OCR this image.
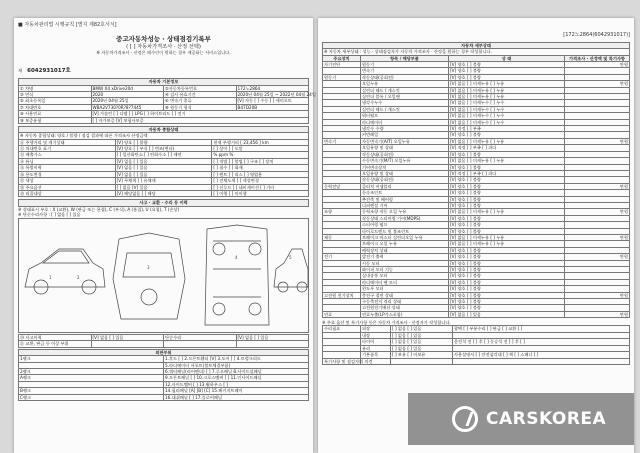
■ 자동차관리법 시행규칙 [별지 제82호서식]
중고자동차성능 · 상태점검기록부
( [ ] 자동차가격조사 · 산정 선택)
※ 자동차가격조사 · 산정은 매수인이 원하는 경우 제공하는 서비스입니다.
제 6042931017호
자동차 기본정보			
① 차명	BMW X4 xDrive20d	②자동차등록번호	172노2864
③ 연식	2020	④ 검사 유효기간	2020년 04월 25일 ~ 2022년 04월 24일
⑤ 최초등록일	2020년 04월 25일	⑥ 변속기 종류	[V] 자동 [ ] 수동 [ ] 세미오토
⑦ 차대번호	WBA2V730?0R?8?7445	⑧ 원동기 형식	B47D20B
⑨ 사용연료	[V] 가솔린 [ ] 디젤 [ ] LPG [ ] 하이브리드 [ ] 전기		
⑩ 보증유형	[ ] 자가보증 [V] 보험사보증		
자동차 종합상태		
※ 자동차 종합상태: 양호 / 불량 / 점검 결과에 따른 가격조사 산정금액		
⑪ 주행거리 및 계기상태	[V] 양호 [ ] 불량	현재 주행거리 [ 23,456 ] km
⑫ 차대번호 표기	[V] 양호 [ ] 부식 [ ] 변조(변타)	[ ] 상이 [ ] 도말
⑬ 배출가스	[ ] 일산화탄소 [ ] 탄화수소 [ ] 매연	% ppm %
⑭ 튜닝	[V] 없음 [ ] 있음	[ ] 적법 [ ] 불법 [ ] 구조 [ ] 장치
⑮ 특별이력	[V] 없음 [ ] 있음	[ ] 침수 [ ] 화재
⑯ 용도변경	[V] 없음 [ ] 있음	[ ] 렌트 [ ] 리스 [ ] 영업용
⑰ 색상	[V] 무채색 [ ] 유채색	[ ] 전체도색 [ ] 색상변경
⑱ 주요옵션	[ ] 없음 [V] 있음	[ ] 선루프 [ ] 네비게이션 [ ] 기타
⑲ 리콜대상	[V] 해당없음 [ ] 해당	[ ] 이행 [ ] 미이행
사고 · 교환 · 수리 등 이력
※ 상태표시 부호 : X (교환), W (판금 또는 용접), C (부식), A (흠집), U (요철), T (손상)
※ 단순수리사항 : [ ] 없음 [ ] 있음
1	2
3
4	5
⑳ 사고이력	[V] 없음 [ ] 있음	단순수리	[V] 없음 [ ] 있음
㉑ 교환, 판금 등 이상 부위			
외판부위	
1랭크	1.후드 [ ] 2.프론트휀더 [V] 3.도어 [ ] 4.트렁크리드
	5.라디에이터 서포트(볼트체결부품)
2랭크	6.쿼터패널(리어펜더) [ ] 7.루프패널 8.사이드실패널
A랭크	9.프론트패널 [ ] 10.크로스멤버 [ ] 11.인사이드패널
	12.사이드멤버 [ ] 13.휠하우스 [ ]
B랭크	14.필러패널 [A] [B] [C] 15.패키지트레이
C랭크	16.대쉬패널 [ ] 17.플로어패널
[172노2864(6042931017)]
자동차 세부상태			
※ 자동차 세부상태 : 성능 · 상태점검자가 자동차 가격조사 · 산정을 원하는 경우 작성합니다.			
주요장치	항목 / 해당부품	상 태	가격조사 · 산정액 및 특기사항
자기진단	원동기	[V] 양호 [ ] 불량	만원
	변속기	[V] 양호 [ ] 불량	
원동기	작동상태(공회전)	[V] 양호 [ ] 불량	
	오일누유	[V] 없음 [ ] 미세누유 [ ] 누유	만원
	실린더 헤드 / 개스킷	[V] 없음 [ ] 미세누유 [ ] 누유	
	실린더 블록 / 오일팬	[V] 없음 [ ] 미세누유 [ ] 누유	
	냉각수누수	[V] 없음 [ ] 미세누수 [ ] 누수	
	실린더 헤드 / 개스킷	[V] 없음 [ ] 미세누수 [ ] 누수	
	워터펌프	[V] 없음 [ ] 미세누수 [ ] 누수	
	라디에이터	[V] 없음 [ ] 미세누수 [ ] 누수	
	냉각수 수량	[V] 적정 [ ] 부족	
	커먼레일	[V] 양호 [ ] 불량	
변속기	자동변속기(A/T) 오일누유	[V] 없음 [ ] 미세누유 [ ] 누유	만원
	오일유량 및 상태	[V] 적정 [ ] 부족 [ ] 과다	
	작동상태(공회전)	[V] 양호 [ ] 불량	
	수동변속기(M/T) 오일누유	[V] 없음 [ ] 미세누유 [ ] 누유	
	기어변속장치	[V] 양호 [ ] 불량	
	오일유량 및 상태	[V] 적정 [ ] 부족 [ ] 과다	
	작동상태(공회전)	[V] 양호 [ ] 불량	
동력전달	클러치 어셈블리	[V] 양호 [ ] 불량	만원
	등속조인트	[V] 양호 [ ] 불량	
	추진축 및 베어링	[V] 양호 [ ] 불량	
	디퍼렌셜 기어	[V] 양호 [ ] 불량	
조향	동력조향 작동 오일 누유	[V] 없음 [ ] 미세누유 [ ] 누유	만원
	작동상태 스티어링 기어(MDPS)	[V] 양호 [ ] 불량	
	스티어링 펌프	[V] 양호 [ ] 불량	
	타이로드엔드 및 볼조인트	[V] 양호 [ ] 불량	
제동	브레이크 마스터 실린더오일 누유	[V] 없음 [ ] 미세누유 [ ] 누유	만원
	브레이크 오일 누유	[V] 없음 [ ] 미세누유 [ ] 누유	
	배력장치 상태	[V] 양호 [ ] 불량	
전기	발전기 출력	[V] 양호 [ ] 불량	만원
	시동 모터	[V] 양호 [ ] 불량	
	와이퍼 모터 기능	[V] 양호 [ ] 불량	
	실내송풍 모터	[V] 양호 [ ] 불량	
	라디에이터 팬 모터	[V] 양호 [ ] 불량	
	윈도우 모터	[V] 양호 [ ] 불량	
고전원 전기장치	충전구 절연 상태	[V] 양호 [ ] 불량	만원
	구동축전지 격리 상태	[V] 양호 [ ] 불량	
	고전원전기배선 상태	[V] 양호 [ ] 불량	
연료	연료누출(LP가스포함)	[V] 없음 [ ] 있음	만원
※ 주요 옵션 및 특기사항 등은 자동차 가격조사 · 산정자가 작성합니다.
수리필요	외장	[ ] 없음 [ ] 있음	광택 [ ] 부분수리 [ ] 판금 [ ] 교환 [ ]
	내장	[ ] 없음 [ ] 있음	
	타이어	[ ] 없음 [ ] 있음	운전석 전 [ ] 후 [ ] 동승석 전 [ ] 후 [ ]
	유리	[ ] 없음 [ ] 있음	
	기본품목	[ ] 보유 [ ] 미보유	사용설명서 [ ] 안전삼각대 [ ] 잭 [ ] 스패너 [ ]
특기사항 및 점검자의 의견			
CARSKOREA
